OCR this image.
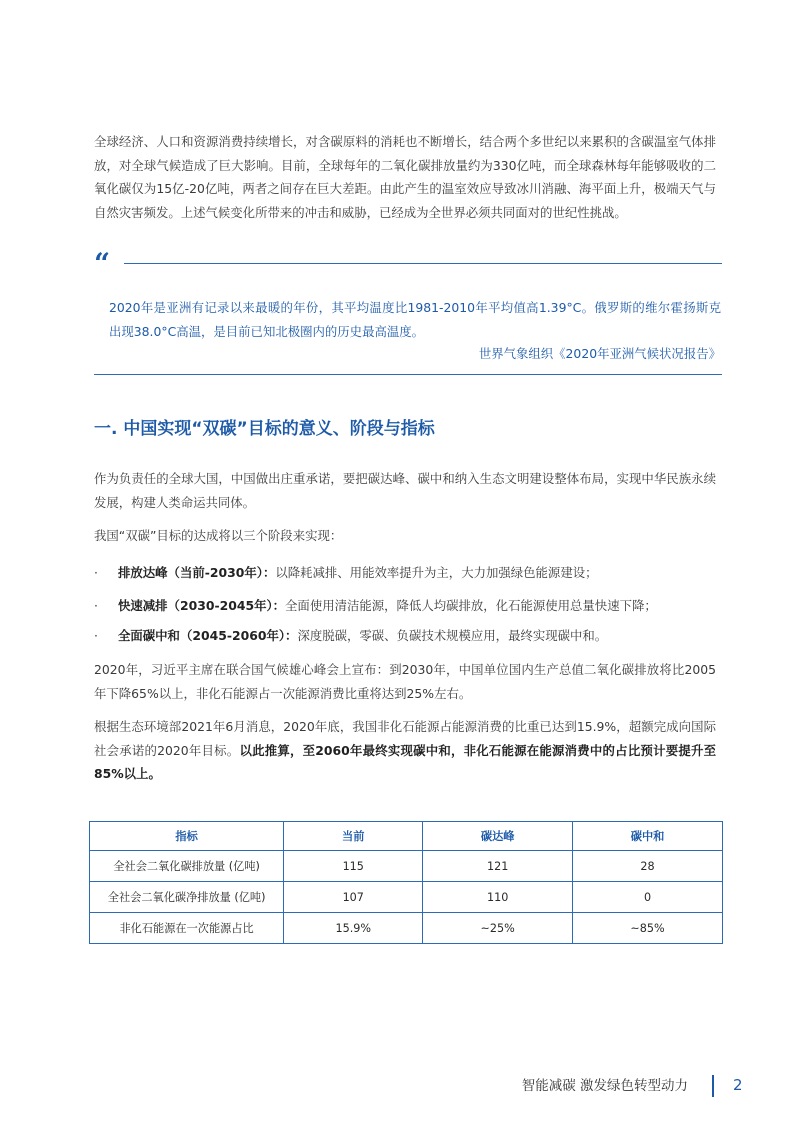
全球经济、人口和资源消费持续增长，对含碳原料的消耗也不断增长，结合两个多世纪以来累积的含碳温室气体排放，对全球气候造成了巨大影响。目前，全球每年的二氧化碳排放量约为330亿吨，而全球森林每年能够吸收的二氧化碳仅为15亿-20亿吨，两者之间存在巨大差距。由此产生的温室效应导致冰川消融、海平面上升，极端天气与自然灾害频发。上述气候变化所带来的冲击和威胁，已经成为全世界必须共同面对的世纪性挑战。
“
2020年是亚洲有记录以来最暖的年份，其平均温度比1981-2010年平均值高1.39°C。俄罗斯的维尔霍扬斯克出现38.0°C高温，是目前已知北极圈内的历史最高温度。
世界气象组织《2020年亚洲气候状况报告》
一. 中国实现“双碳”目标的意义、阶段与指标
作为负责任的全球大国，中国做出庄重承诺，要把碳达峰、碳中和纳入生态文明建设整体布局，实现中华民族永续发展，构建人类命运共同体。
我国“双碳”目标的达成将以三个阶段来实现：
· 排放达峰（当前-2030年）：以降耗减排、用能效率提升为主，大力加强绿色能源建设；
· 快速减排（2030-2045年）：全面使用清洁能源，降低人均碳排放，化石能源使用总量快速下降；
· 全面碳中和（2045-2060年）：深度脱碳，零碳、负碳技术规模应用，最终实现碳中和。
2020年，习近平主席在联合国气候雄心峰会上宣布：到2030年，中国单位国内生产总值二氧化碳排放将比2005年下降65%以上，非化石能源占一次能源消费比重将达到25%左右。
根据生态环境部2021年6月消息，2020年底，我国非化石能源占能源消费的比重已达到15.9%，超额完成向国际社会承诺的2020年目标。以此推算，至2060年最终实现碳中和，非化石能源在能源消费中的占比预计要提升至85%以上。
指标	当前	碳达峰	碳中和
全社会二氧化碳排放量 (亿吨)	115	121	28
全社会二氧化碳净排放量 (亿吨)	107	110	0
非化石能源在一次能源占比	15.9%	~25%	~85%
智能减碳 激发绿色转型动力	2
